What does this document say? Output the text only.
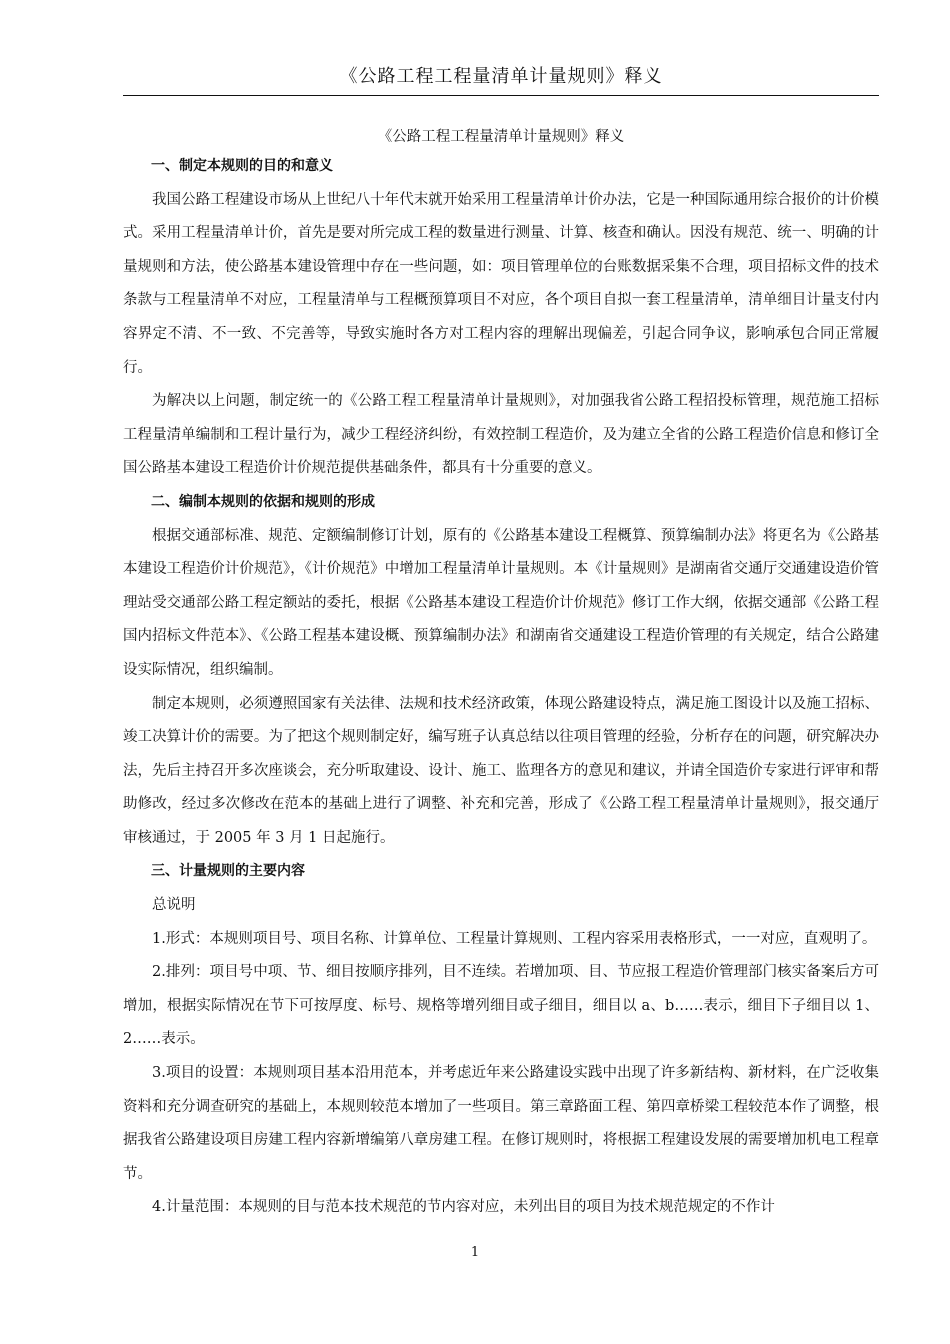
《公路工程工程量清单计量规则》释义
《公路工程工程量清单计量规则》释义
一、制定本规则的目的和意义

我国公路工程建设市场从上世纪八十年代末就开始采用工程量清单计价办法，它是一种国际通用综合报价的计价模式。采用工程量清单计价，首先是要对所完成工程的数量进行测量、计算、核查和确认。因没有规范、统一、明确的计量规则和方法，使公路基本建设管理中存在一些问题，如：项目管理单位的台账数据采集不合理，项目招标文件的技术条款与工程量清单不对应，工程量清单与工程概预算项目不对应，各个项目自拟一套工程量清单，清单细目计量支付内容界定不清、不一致、不完善等，导致实施时各方对工程内容的理解出现偏差，引起合同争议，影响承包合同正常履行。

为解决以上问题，制定统一的《公路工程工程量清单计量规则》，对加强我省公路工程招投标管理，规范施工招标工程量清单编制和工程计量行为，减少工程经济纠纷，有效控制工程造价，及为建立全省的公路工程造价信息和修订全国公路基本建设工程造价计价规范提供基础条件，都具有十分重要的意义。

二、编制本规则的依据和规则的形成

根据交通部标准、规范、定额编制修订计划，原有的《公路基本建设工程概算、预算编制办法》将更名为《公路基本建设工程造价计价规范》，《计价规范》中增加工程量清单计量规则。本《计量规则》是湖南省交通厅交通建设造价管理站受交通部公路工程定额站的委托，根据《公路基本建设工程造价计价规范》修订工作大纲，依据交通部《公路工程国内招标文件范本》、《公路工程基本建设概、预算编制办法》和湖南省交通建设工程造价管理的有关规定，结合公路建设实际情况，组织编制。

制定本规则，必须遵照国家有关法律、法规和技术经济政策，体现公路建设特点，满足施工图设计以及施工招标、竣工决算计价的需要。为了把这个规则制定好，编写班子认真总结以往项目管理的经验，分析存在的问题，研究解决办法，先后主持召开多次座谈会，充分听取建设、设计、施工、监理各方的意见和建议，并请全国造价专家进行评审和帮助修改，经过多次修改在范本的基础上进行了调整、补充和完善，形成了《公路工程工程量清单计量规则》，报交通厅审核通过，于 2005 年 3 月 1 日起施行。

三、计量规则的主要内容

总说明

1.形式：本规则项目号、项目名称、计算单位、工程量计算规则、工程内容采用表格形式，一一对应，直观明了。

2.排列：项目号中项、节、细目按顺序排列，目不连续。若增加项、目、节应报工程造价管理部门核实备案后方可增加，根据实际情况在节下可按厚度、标号、规格等增列细目或子细目，细目以 a、b……表示，细目下子细目以 1、2……表示。

3.项目的设置：本规则项目基本沿用范本，并考虑近年来公路建设实践中出现了许多新结构、新材料，在广泛收集资料和充分调查研究的基础上，本规则较范本增加了一些项目。第三章路面工程、第四章桥梁工程较范本作了调整，根据我省公路建设项目房建工程内容新增编第八章房建工程。在修订规则时，将根据工程建设发展的需要增加机电工程章节。

4.计量范围：本规则的目与范本技术规范的节内容对应，未列出目的项目为技术规范规定的不作计

1
